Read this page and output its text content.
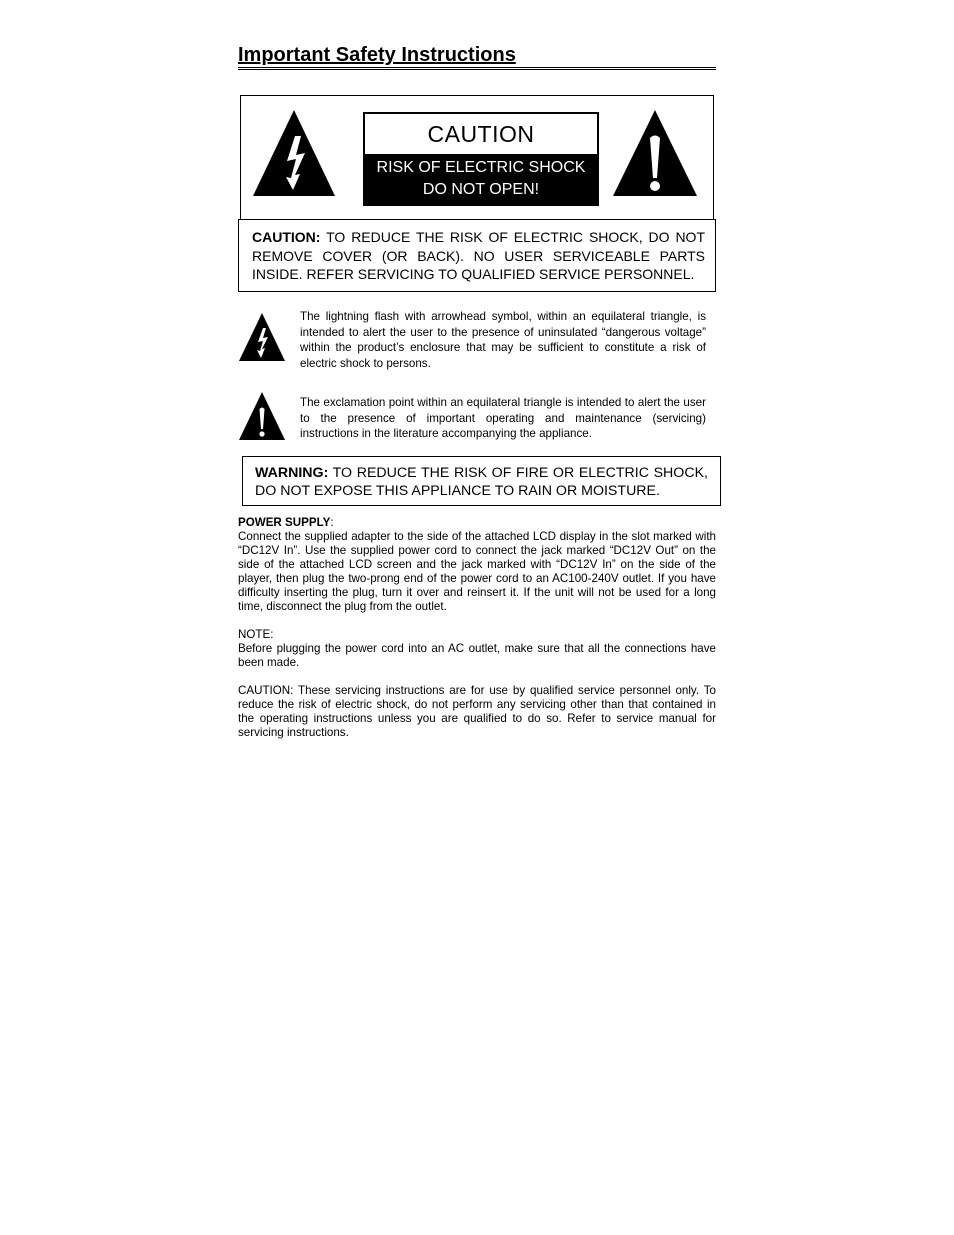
Important Safety Instructions
CAUTION
RISK OF ELECTRIC SHOCK
DO NOT OPEN!
CAUTION: TO REDUCE THE RISK OF ELECTRIC SHOCK, DO NOT REMOVE COVER (OR BACK). NO USER SERVICEABLE PARTS INSIDE. REFER SERVICING TO QUALIFIED SERVICE PERSONNEL.
The lightning flash with arrowhead symbol, within an equilateral triangle, is intended to alert the user to the presence of uninsulated “dangerous voltage” within the product’s enclosure that may be sufficient to constitute a risk of electric shock to persons.
The exclamation point within an equilateral triangle is intended to alert the user to the presence of important operating and maintenance (servicing) instructions in the literature accompanying the appliance.
WARNING: TO REDUCE THE RISK OF FIRE OR ELECTRIC SHOCK, DO NOT EXPOSE THIS APPLIANCE TO RAIN OR MOISTURE.
POWER SUPPLY:
Connect the supplied adapter to the side of the attached LCD display in the slot marked with “DC12V In”. Use the supplied power cord to connect the jack marked “DC12V Out” on the side of the attached LCD screen and the jack marked with “DC12V In” on the side of the player, then plug the two-prong end of the power cord to an AC100-240V outlet. If you have difficulty inserting the plug, turn it over and reinsert it. If the unit will not be used for a long time, disconnect the plug from the outlet.
NOTE:
Before plugging the power cord into an AC outlet, make sure that all the connections have been made.
CAUTION: These servicing instructions are for use by qualified service personnel only. To reduce the risk of electric shock, do not perform any servicing other than that contained in the operating instructions unless you are qualified to do so. Refer to service manual for servicing instructions.
